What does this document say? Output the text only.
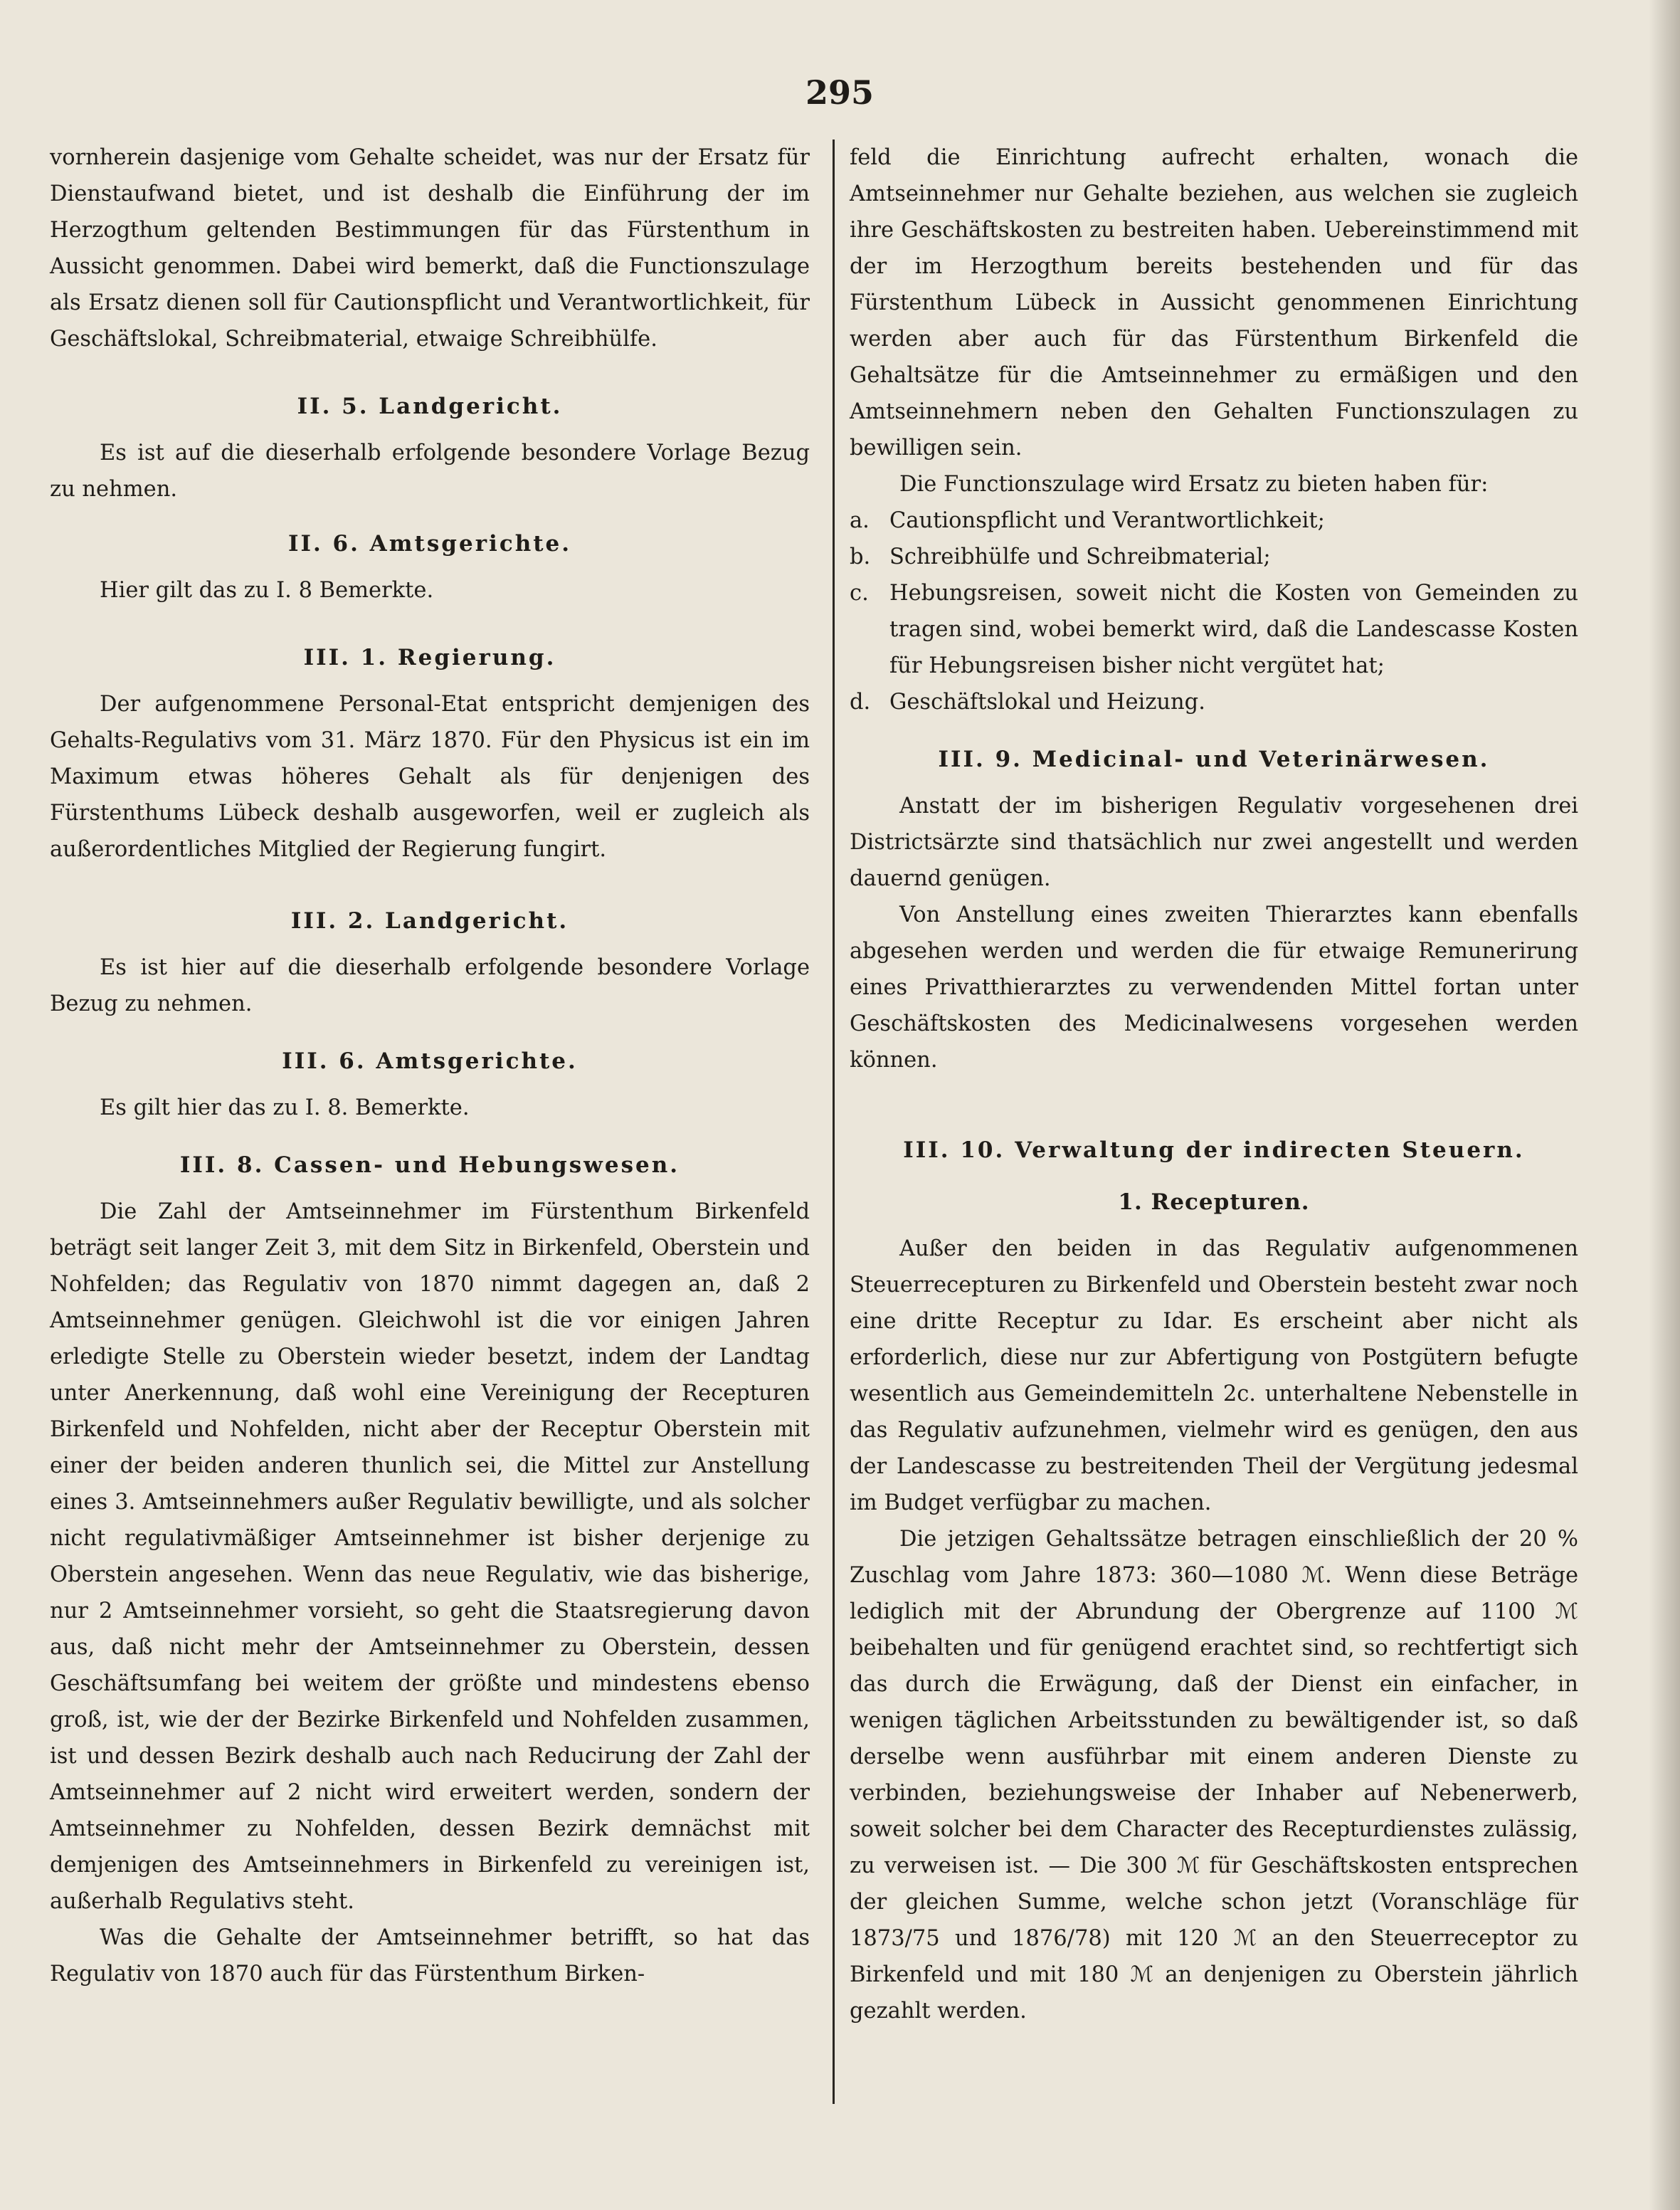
295

vornherein dasjenige vom Gehalte scheidet, was nur der Ersatz für Dienstaufwand bietet, und ist deshalb die Einführung der im Herzogthum geltenden Bestimmungen für das Fürstenthum in Aussicht genommen. Dabei wird bemerkt, daß die Functionszulage als Ersatz dienen soll für Cautionspflicht und Verantwortlichkeit, für Geschäftslokal, Schreibmaterial, etwaige Schreibhülfe.

II. 5. Landgericht.

Es ist auf die dieserhalb erfolgende besondere Vorlage Bezug zu nehmen.

II. 6. Amtsgerichte.

Hier gilt das zu I. 8 Bemerkte.

III. 1. Regierung.

Der aufgenommene Personal-Etat entspricht demjenigen des Gehalts-Regulativs vom 31. März 1870. Für den Physicus ist ein im Maximum etwas höheres Gehalt als für denjenigen des Fürstenthums Lübeck deshalb ausgeworfen, weil er zugleich als außerordentliches Mitglied der Regierung fungirt.

III. 2. Landgericht.

Es ist hier auf die dieserhalb erfolgende besondere Vorlage Bezug zu nehmen.

III. 6. Amtsgerichte.

Es gilt hier das zu I. 8. Bemerkte.

III. 8. Cassen- und Hebungswesen.

Die Zahl der Amtseinnehmer im Fürstenthum Birkenfeld beträgt seit langer Zeit 3, mit dem Sitz in Birkenfeld, Oberstein und Nohfelden; das Regulativ von 1870 nimmt dagegen an, daß 2 Amtseinnehmer genügen. Gleichwohl ist die vor einigen Jahren erledigte Stelle zu Oberstein wieder besetzt, indem der Landtag unter Anerkennung, daß wohl eine Vereinigung der Recepturen Birkenfeld und Nohfelden, nicht aber der Receptur Oberstein mit einer der beiden anderen thunlich sei, die Mittel zur Anstellung eines 3. Amtseinnehmers außer Regulativ bewilligte, und als solcher nicht regulativmäßiger Amtseinnehmer ist bisher derjenige zu Oberstein angesehen. Wenn das neue Regulativ, wie das bisherige, nur 2 Amtseinnehmer vorsieht, so geht die Staatsregierung davon aus, daß nicht mehr der Amtseinnehmer zu Oberstein, dessen Geschäftsumfang bei weitem der größte und mindestens ebenso groß, ist, wie der der Bezirke Birkenfeld und Nohfelden zusammen, ist und dessen Bezirk deshalb auch nach Reducirung der Zahl der Amtseinnehmer auf 2 nicht wird erweitert werden, sondern der Amtseinnehmer zu Nohfelden, dessen Bezirk demnächst mit demjenigen des Amtseinnehmers in Birkenfeld zu vereinigen ist, außerhalb Regulativs steht.

Was die Gehalte der Amtseinnehmer betrifft, so hat das Regulativ von 1870 auch für das Fürstenthum Birken-

feld die Einrichtung aufrecht erhalten, wonach die Amtseinnehmer nur Gehalte beziehen, aus welchen sie zugleich ihre Geschäftskosten zu bestreiten haben. Uebereinstimmend mit der im Herzogthum bereits bestehenden und für das Fürstenthum Lübeck in Aussicht genommenen Einrichtung werden aber auch für das Fürstenthum Birkenfeld die Gehaltsätze für die Amtseinnehmer zu ermäßigen und den Amtseinnehmern neben den Gehalten Functionszulagen zu bewilligen sein.

Die Functionszulage wird Ersatz zu bieten haben für:

a. Cautionspflicht und Verantwortlichkeit;
b. Schreibhülfe und Schreibmaterial;
c. Hebungsreisen, soweit nicht die Kosten von Gemeinden zu tragen sind, wobei bemerkt wird, daß die Landescasse Kosten für Hebungsreisen bisher nicht vergütet hat;
d. Geschäftslokal und Heizung.
III. 9. Medicinal- und Veterinärwesen.

Anstatt der im bisherigen Regulativ vorgesehenen drei Districtsärzte sind thatsächlich nur zwei angestellt und werden dauernd genügen.

Von Anstellung eines zweiten Thierarztes kann ebenfalls abgesehen werden und werden die für etwaige Remunerirung eines Privatthierarztes zu verwendenden Mittel fortan unter Geschäftskosten des Medicinalwesens vorgesehen werden können.

III. 10. Verwaltung der indirecten Steuern.
1. Recepturen.

Außer den beiden in das Regulativ aufgenommenen Steuerrecepturen zu Birkenfeld und Oberstein besteht zwar noch eine dritte Receptur zu Idar. Es erscheint aber nicht als erforderlich, diese nur zur Abfertigung von Postgütern befugte wesentlich aus Gemeindemitteln 2c. unterhaltene Nebenstelle in das Regulativ aufzunehmen, vielmehr wird es genügen, den aus der Landescasse zu bestreitenden Theil der Vergütung jedesmal im Budget verfügbar zu machen.

Die jetzigen Gehaltssätze betragen einschließlich der 20 % Zuschlag vom Jahre 1873: 360—1080 ℳ. Wenn diese Beträge lediglich mit der Abrundung der Obergrenze auf 1100 ℳ beibehalten und für genügend erachtet sind, so rechtfertigt sich das durch die Erwägung, daß der Dienst ein einfacher, in wenigen täglichen Arbeitsstunden zu bewältigender ist, so daß derselbe wenn ausführbar mit einem anderen Dienste zu verbinden, beziehungsweise der Inhaber auf Nebenerwerb, soweit solcher bei dem Character des Recepturdienstes zulässig, zu verweisen ist. — Die 300 ℳ für Geschäftskosten entsprechen der gleichen Summe, welche schon jetzt (Voranschläge für 1873/75 und 1876/78) mit 120 ℳ an den Steuerreceptor zu Birkenfeld und mit 180 ℳ an denjenigen zu Oberstein jährlich gezahlt werden.
